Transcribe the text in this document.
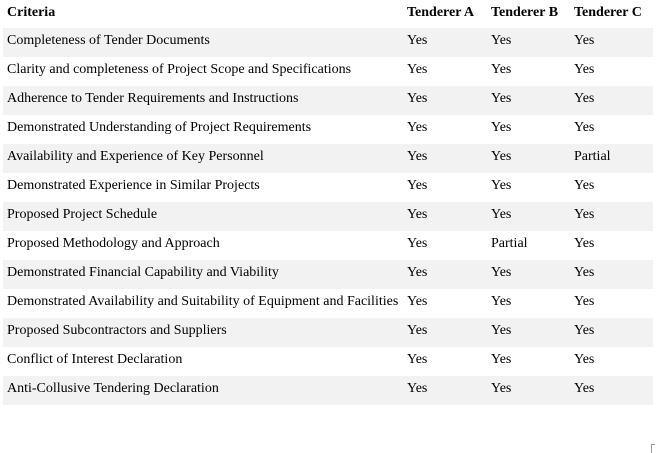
Criteria	Tenderer A	Tenderer B	Tenderer C
Completeness of Tender Documents	Yes	Yes	Yes
Clarity and completeness of Project Scope and Specifications	Yes	Yes	Yes
Adherence to Tender Requirements and Instructions	Yes	Yes	Yes
Demonstrated Understanding of Project Requirements	Yes	Yes	Yes
Availability and Experience of Key Personnel	Yes	Yes	Partial
Demonstrated Experience in Similar Projects	Yes	Yes	Yes
Proposed Project Schedule	Yes	Yes	Yes
Proposed Methodology and Approach	Yes	Partial	Yes
Demonstrated Financial Capability and Viability	Yes	Yes	Yes
Demonstrated Availability and Suitability of Equipment and Facilities	Yes	Yes	Yes
Proposed Subcontractors and Suppliers	Yes	Yes	Yes
Conflict of Interest Declaration	Yes	Yes	Yes
Anti-Collusive Tendering Declaration	Yes	Yes	Yes
